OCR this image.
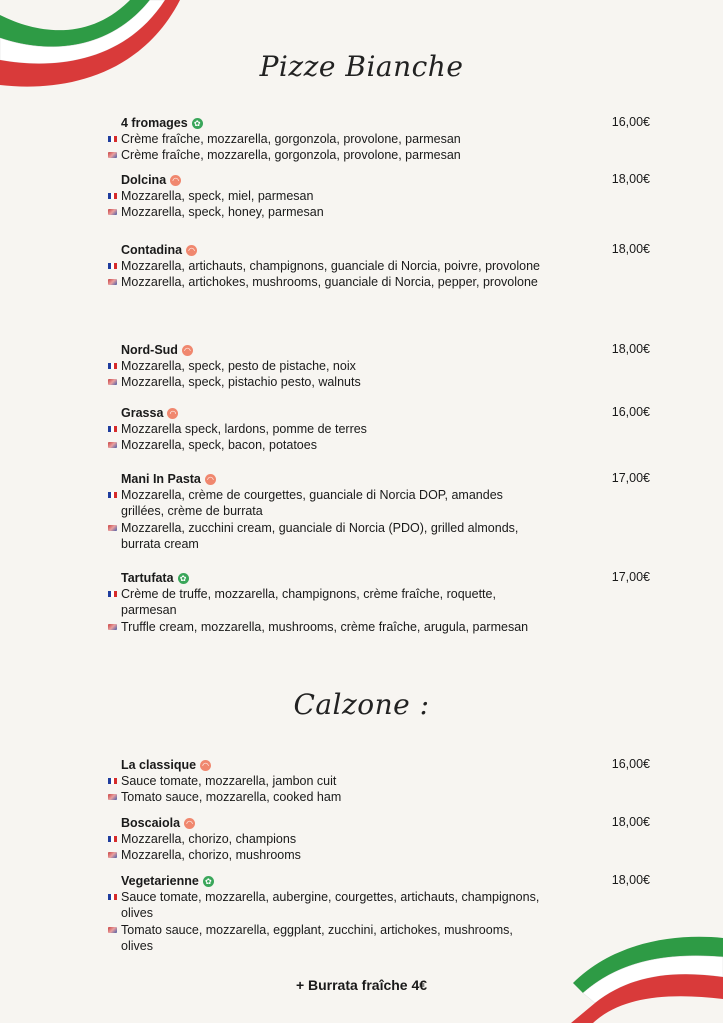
Pizze Bianche
4 fromages ✿	16,00€
Crème fraîche, mozzarella, gorgonzola, provolone, parmesan
Crème fraîche, mozzarella, gorgonzola, provolone, parmesan
Dolcina ◠	18,00€
Mozzarella, speck, miel, parmesan
Mozzarella, speck, honey, parmesan
Contadina ◠	18,00€
Mozzarella, artichauts, champignons, guanciale di Norcia, poivre, provolone
Mozzarella, artichokes, mushrooms, guanciale di Norcia, pepper, provolone
Nord-Sud ◠	18,00€
Mozzarella, speck, pesto de pistache, noix
Mozzarella, speck, pistachio pesto, walnuts
Grassa ◠	16,00€
Mozzarella speck, lardons, pomme de terres
Mozzarella, speck, bacon, potatoes
Mani In Pasta ◠	17,00€
Mozzarella, crème de courgettes, guanciale di Norcia DOP, amandes grillées, crème de burrata
Mozzarella, zucchini cream, guanciale di Norcia (PDO), grilled almonds, burrata cream
Tartufata ✿	17,00€
Crème de truffe, mozzarella, champignons, crème fraîche, roquette, parmesan
Truffle cream, mozzarella, mushrooms, crème fraîche, arugula, parmesan
Calzone :
La classique ◠	16,00€
Sauce tomate, mozzarella, jambon cuit
Tomato sauce, mozzarella, cooked ham
Boscaiola ◠	18,00€
Mozzarella, chorizo, champions
Mozzarella, chorizo, mushrooms
Vegetarienne ✿	18,00€
Sauce tomate, mozzarella, aubergine, courgettes, artichauts, champignons, olives
Tomato sauce, mozzarella, eggplant, zucchini, artichokes, mushrooms, olives
+ Burrata fraîche 4€
